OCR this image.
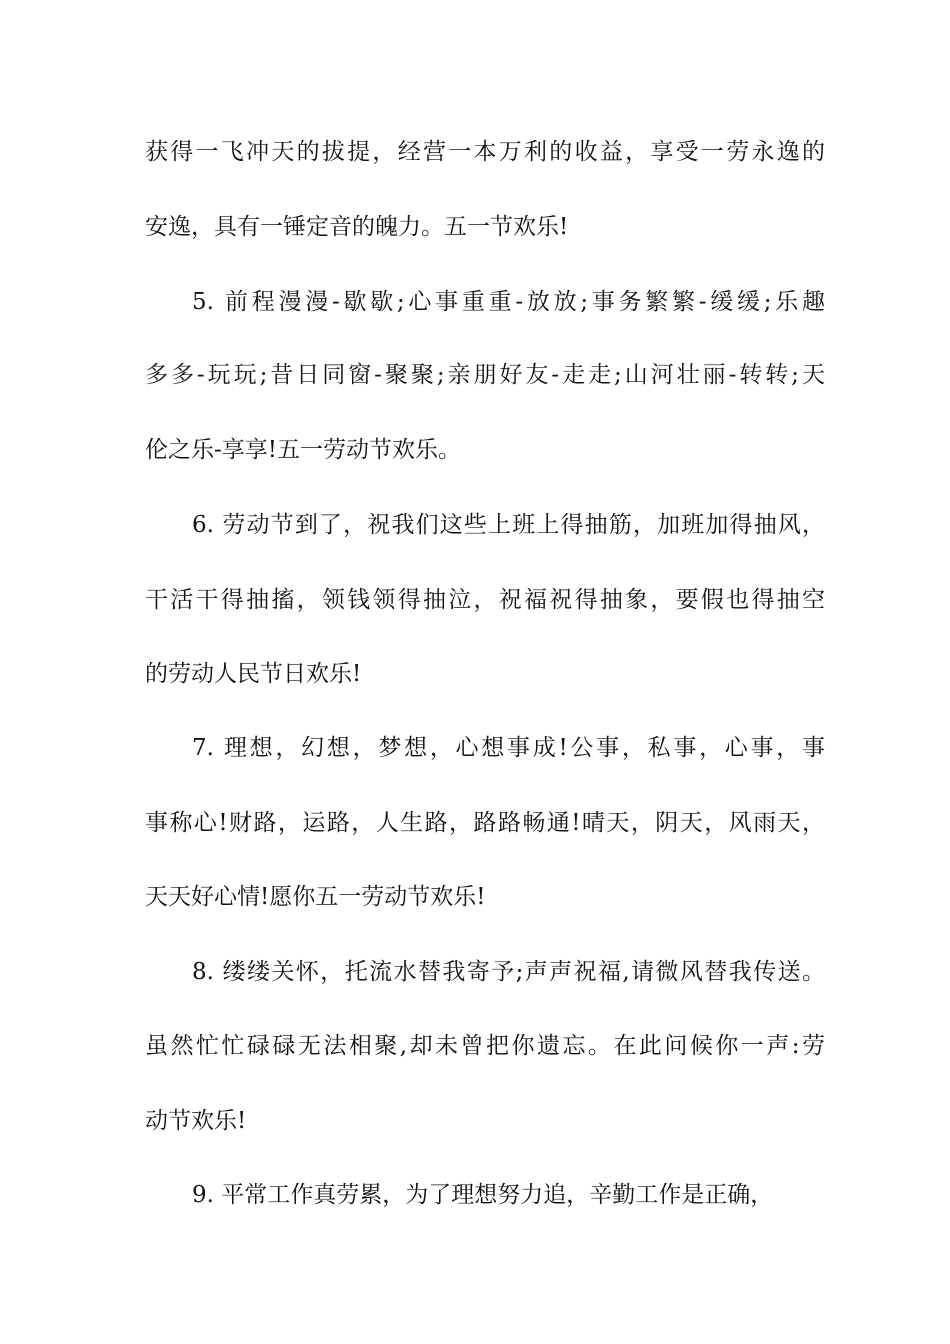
获得一飞冲天的拔提，经营一本万利的收益，享受一劳永逸的
安逸，具有一锤定音的魄力。五一节欢乐!
5. 前程漫漫-歇歇;心事重重-放放;事务繁繁-缓缓;乐趣
多多-玩玩;昔日同窗-聚聚;亲朋好友-走走;山河壮丽-转转;天
伦之乐-享享!五一劳动节欢乐。
6. 劳动节到了，祝我们这些上班上得抽筋，加班加得抽风，
干活干得抽搐，领钱领得抽泣，祝福祝得抽象，要假也得抽空
的劳动人民节日欢乐!
7. 理想，幻想，梦想，心想事成!公事，私事，心事，事
事称心!财路，运路，人生路，路路畅通!晴天，阴天，风雨天，
天天好心情!愿你五一劳动节欢乐!
8. 缕缕关怀，托流水替我寄予;声声祝福,请微风替我传送。
虽然忙忙碌碌无法相聚,却未曾把你遗忘。在此问候你一声:劳
动节欢乐!
9. 平常工作真劳累，为了理想努力追，辛勤工作是正确，
